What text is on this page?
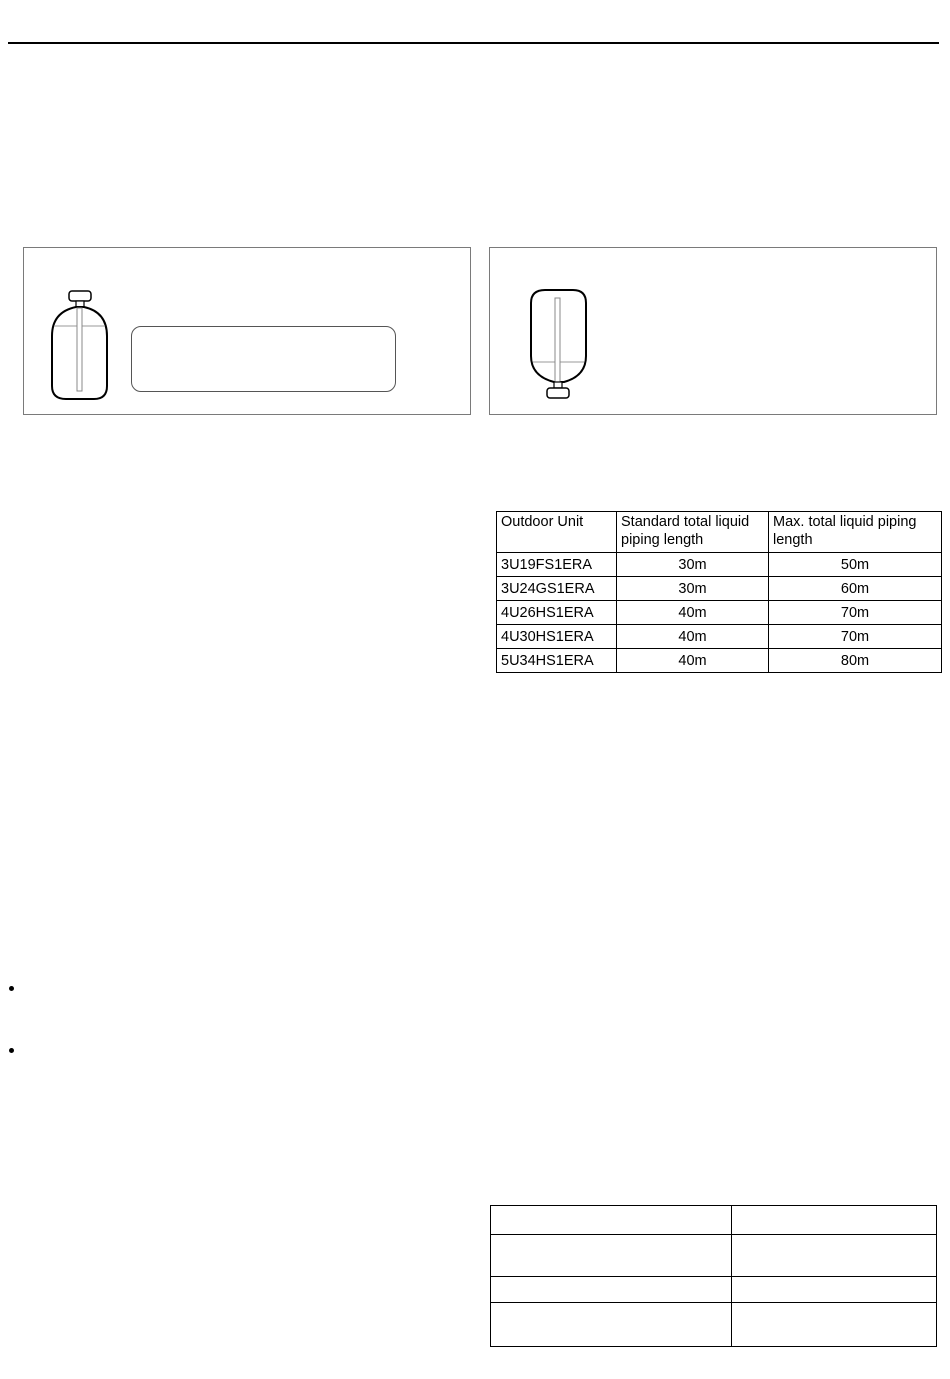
Outdoor Unit	Standard total liquid piping length	Max. total liquid piping length
3U19FS1ERA	30m	50m
3U24GS1ERA	30m	60m
4U26HS1ERA	40m	70m
4U30HS1ERA	40m	70m
5U34HS1ERA	40m	80m
